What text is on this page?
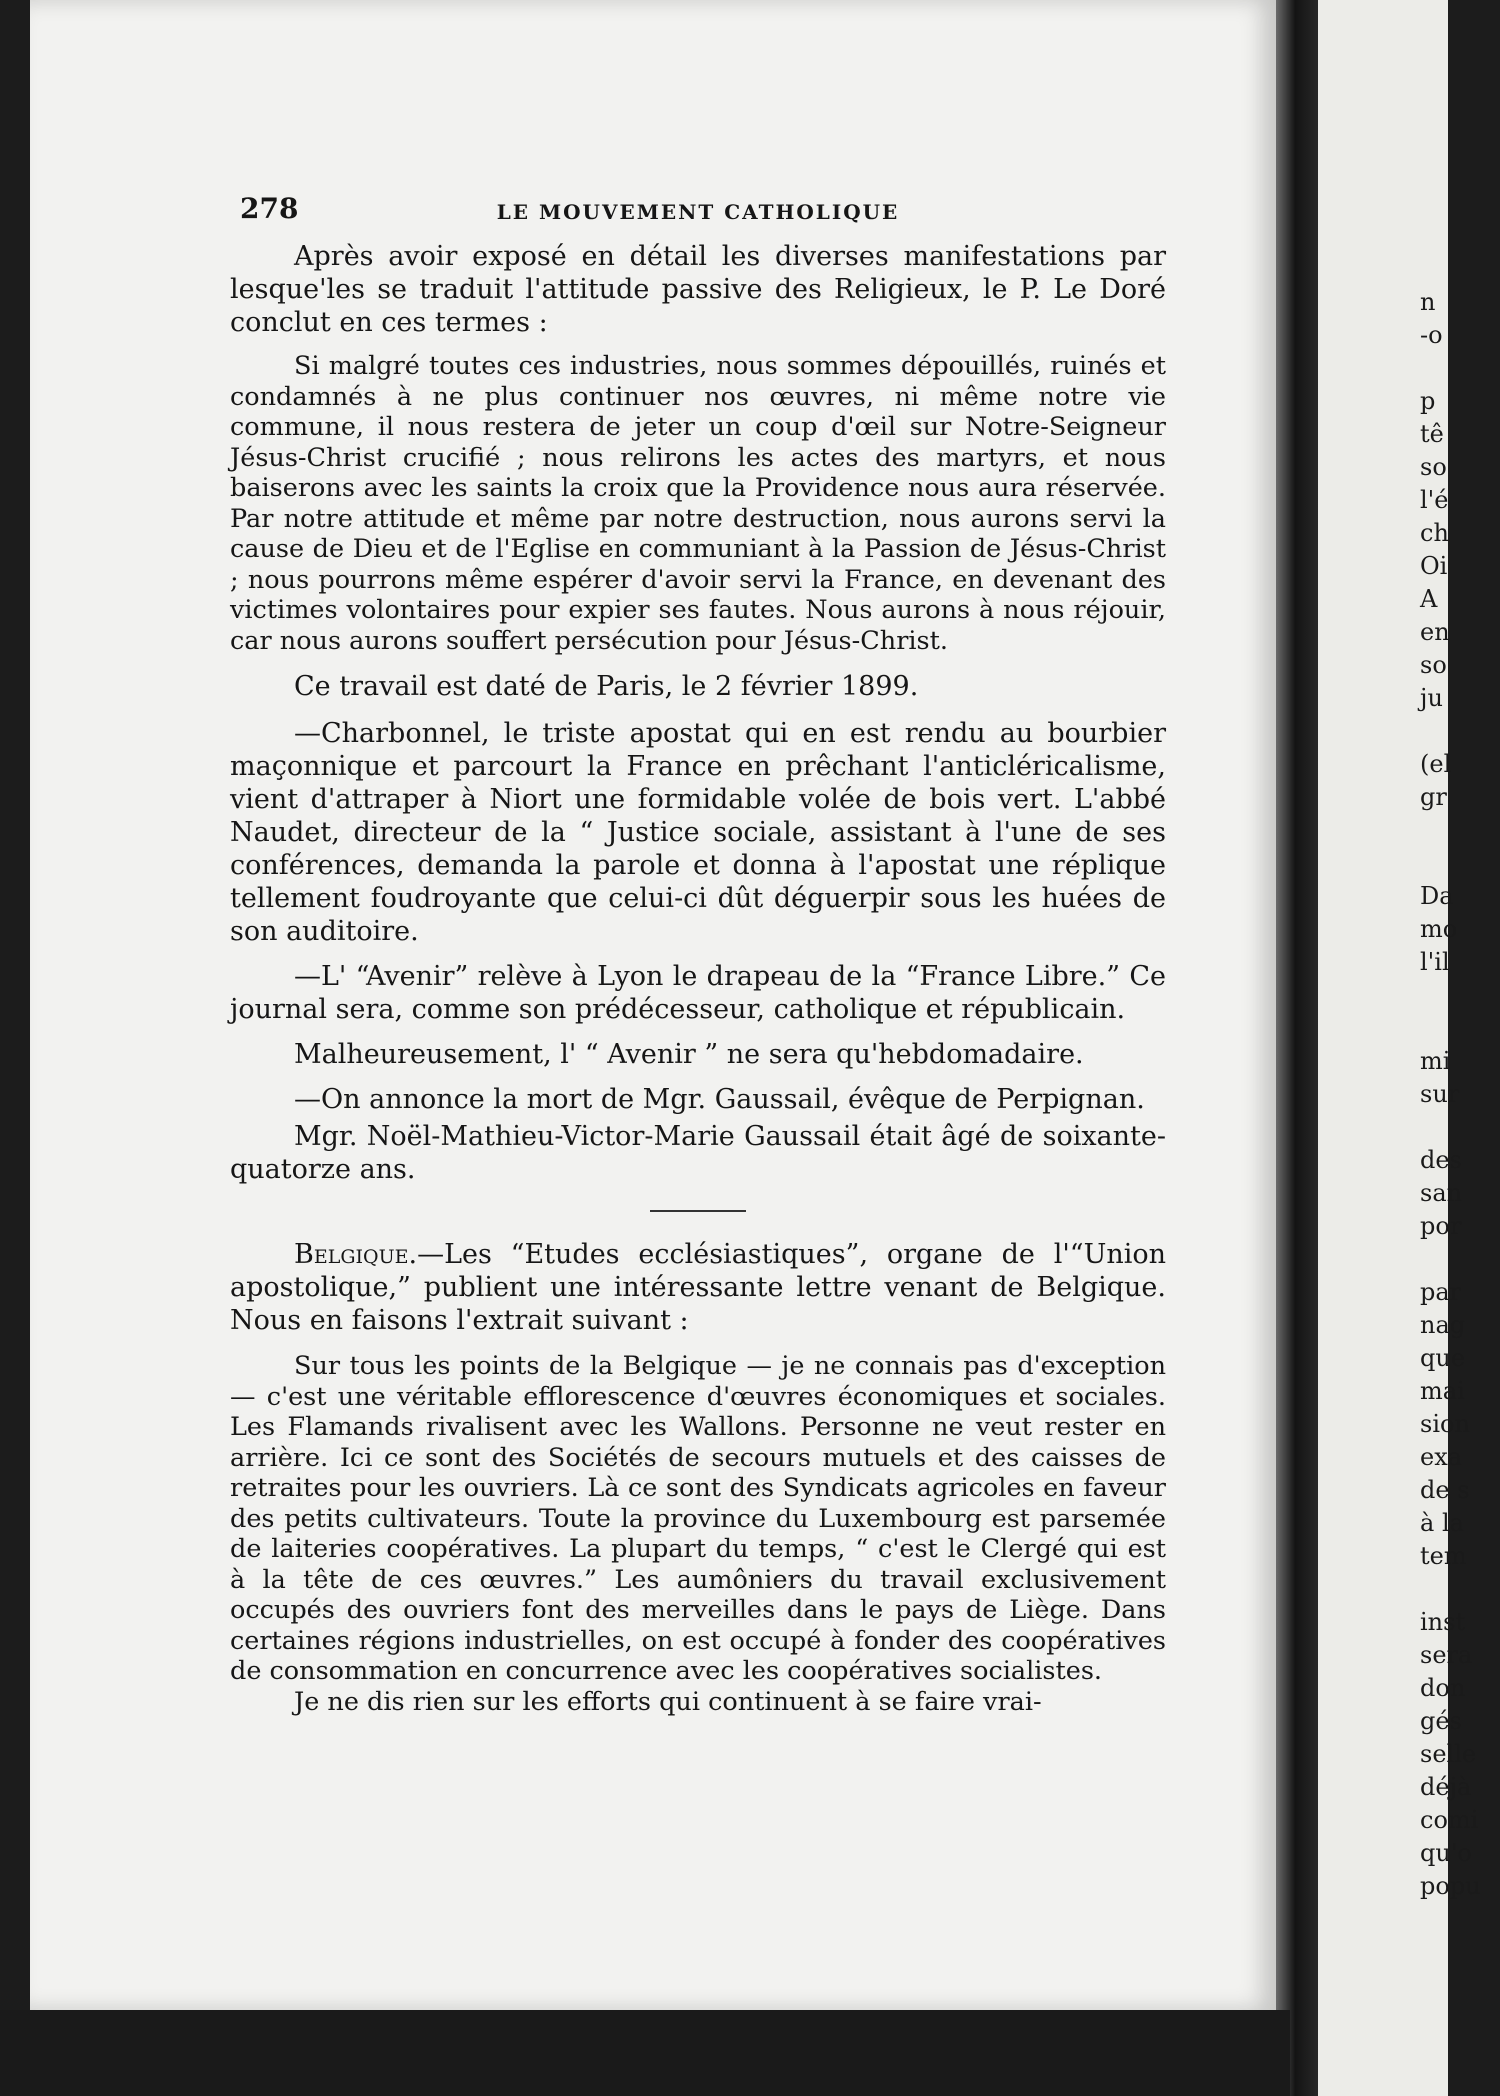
278	LE MOUVEMENT CATHOLIQUE

Après avoir exposé en détail les diverses manifestations par lesque'les se traduit l'attitude passive des Religieux, le P. Le Doré conclut en ces termes :

Si malgré toutes ces industries, nous sommes dépouillés, ruinés et condamnés à ne plus continuer nos œuvres, ni même notre vie commune, il nous restera de jeter un coup d'œil sur Notre-Seigneur Jésus-Christ crucifié ; nous relirons les actes des martyrs, et nous baiserons avec les saints la croix que la Providence nous aura réservée. Par notre attitude et même par notre destruction, nous aurons servi la cause de Dieu et de l'Eglise en communiant à la Passion de Jésus-Christ ; nous pourrons même espérer d'avoir servi la France, en devenant des victimes volontaires pour expier ses fautes. Nous aurons à nous réjouir, car nous aurons souffert persécution pour Jésus-Christ.

Ce travail est daté de Paris, le 2 février 1899.

—Charbonnel, le triste apostat qui en est rendu au bourbier maçonnique et parcourt la France en prêchant l'anticléricalisme, vient d'attraper à Niort une formidable volée de bois vert. L'abbé Naudet, directeur de la “ Justice sociale, assistant à l'une de ses conférences, demanda la parole et donna à l'apostat une réplique tellement foudroyante que celui-ci dût déguerpir sous les huées de son auditoire.

—L' “Avenir” relève à Lyon le drapeau de la “France Libre.” Ce journal sera, comme son prédécesseur, catholique et républicain.

Malheureusement, l' “ Avenir ” ne sera qu'hebdomadaire.

—On annonce la mort de Mgr. Gaussail, évêque de Perpignan.

Mgr. Noël-Mathieu-Victor-Marie Gaussail était âgé de soixante-quatorze ans.

Belgique.—Les “Etudes ecclésiastiques”, organe de l'“Union apostolique,” publient une intéressante lettre venant de Belgique. Nous en faisons l'extrait suivant :

Sur tous les points de la Belgique — je ne connais pas d'exception — c'est une véritable efflorescence d'œuvres économiques et sociales. Les Flamands rivalisent avec les Wallons. Personne ne veut rester en arrière. Ici ce sont des Sociétés de secours mutuels et des caisses de retraites pour les ouvriers. Là ce sont des Syndicats agricoles en faveur des petits cultivateurs. Toute la province du Luxembourg est parsemée de laiteries coopératives. La plupart du temps, “ c'est le Clergé qui est à la tête de ces œuvres.” Les aumôniers du travail exclusivement occupés des ouvriers font des merveilles dans le pays de Liège. Dans certaines régions industrielles, on est occupé à fonder des coopératives de consommation en concurrence avec les coopératives socialistes.

Je ne dis rien sur les efforts qui continuent à se faire vrai-

n
-o
p
tê
so
l'é
ch
Oi
A
en
so
ju
(el
gr
Da
mo
l'il
mi
sur
des
san
por
par
nag
que
mai
sion
exa
de s
à la
tem
inst
sera
don
gés
selle
déjà
comi
qu'o
popu
